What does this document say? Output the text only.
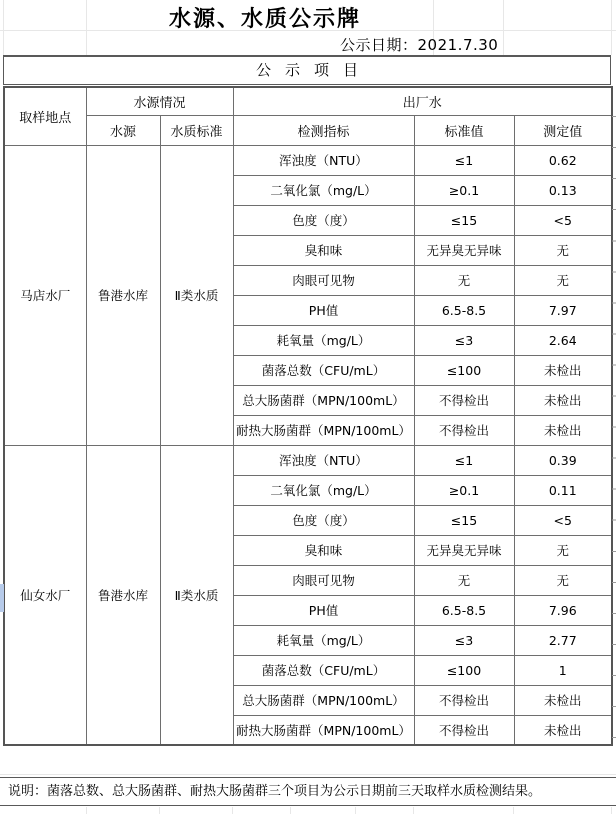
水源、水质公示牌
公示日期：2021.7.30
公示项目
取样地点	水源情况		出厂水		
	水源	水质标准	检测指标	标准值	测定值
马店水厂	鲁港水库	Ⅱ类水质	浑浊度（NTU）	≤1	0.62
			二氧化氯（mg/L）	≥0.1	0.13
			色度（度）	≤15	<5
			臭和味	无异臭无异味	无
			肉眼可见物	无	无
			PH值	6.5-8.5	7.97
			耗氧量（mg/L）	≤3	2.64
			菌落总数（CFU/mL）	≤100	未检出
			总大肠菌群（MPN/100mL）	不得检出	未检出
			耐热大肠菌群（MPN/100mL）	不得检出	未检出
仙女水厂	鲁港水库	Ⅱ类水质	浑浊度（NTU）	≤1	0.39
			二氧化氯（mg/L）	≥0.1	0.11
			色度（度）	≤15	<5
			臭和味	无异臭无异味	无
			肉眼可见物	无	无
			PH值	6.5-8.5	7.96
			耗氧量（mg/L）	≤3	2.77
			菌落总数（CFU/mL）	≤100	1
			总大肠菌群（MPN/100mL）	不得检出	未检出
			耐热大肠菌群（MPN/100mL）	不得检出	未检出
说明：菌落总数、总大肠菌群、耐热大肠菌群三个项目为公示日期前三天取样水质检测结果。
